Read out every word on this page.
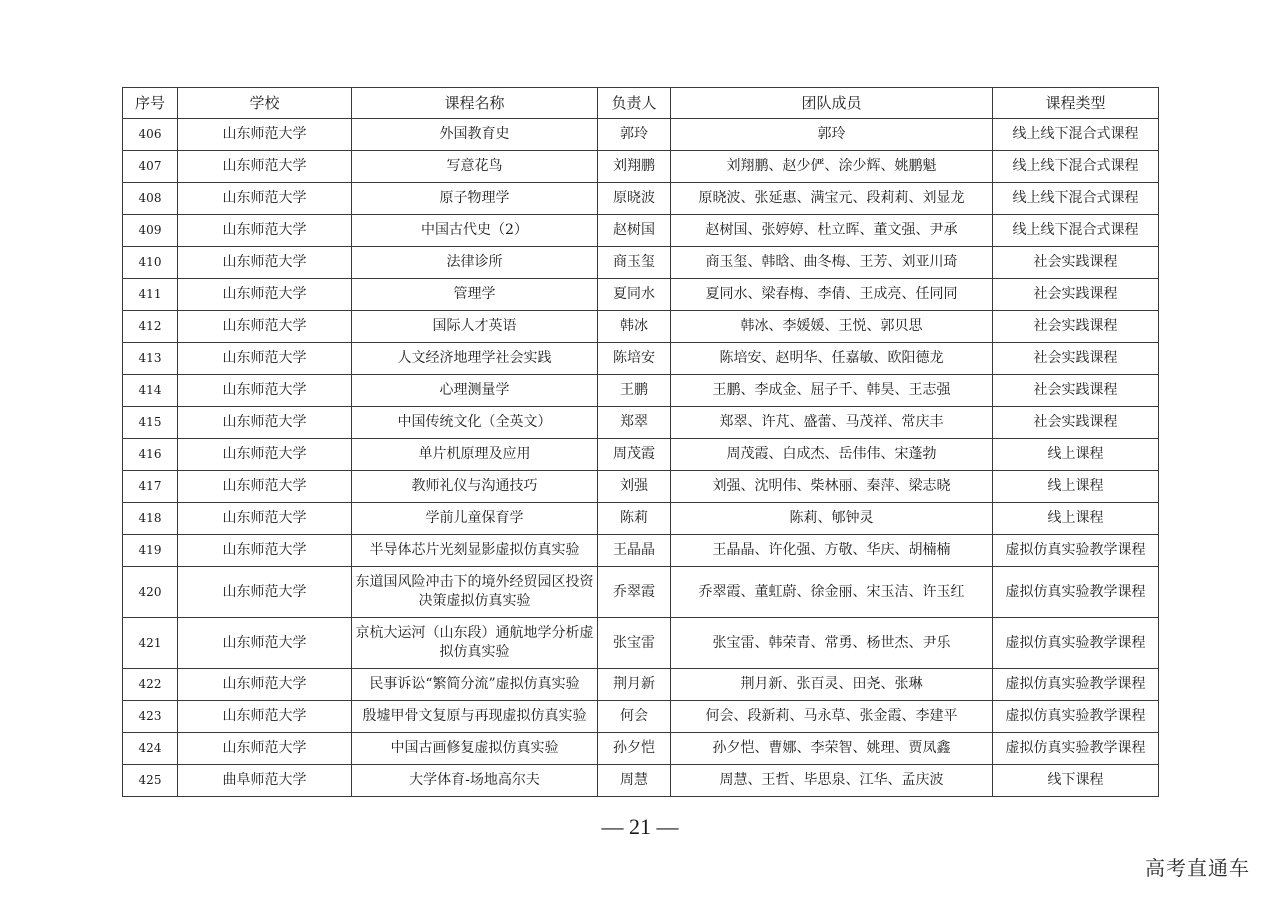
序号	学校	课程名称	负责人	团队成员	课程类型
406	山东师范大学	外国教育史	郭玲	郭玲	线上线下混合式课程
407	山东师范大学	写意花鸟	刘翔鹏	刘翔鹏、赵少俨、涂少辉、姚鹏魁	线上线下混合式课程
408	山东师范大学	原子物理学	原晓波	原晓波、张延惠、满宝元、段莉莉、刘显龙	线上线下混合式课程
409	山东师范大学	中国古代史（2）	赵树国	赵树国、张婷婷、杜立晖、董文强、尹承	线上线下混合式课程
410	山东师范大学	法律诊所	商玉玺	商玉玺、韩晗、曲冬梅、王芳、刘亚川琦	社会实践课程
411	山东师范大学	管理学	夏同水	夏同水、梁春梅、李倩、王成亮、任同同	社会实践课程
412	山东师范大学	国际人才英语	韩冰	韩冰、李媛媛、王悦、郭贝思	社会实践课程
413	山东师范大学	人文经济地理学社会实践	陈培安	陈培安、赵明华、任嘉敏、欧阳德龙	社会实践课程
414	山东师范大学	心理测量学	王鹏	王鹏、李成金、屈子千、韩昊、王志强	社会实践课程
415	山东师范大学	中国传统文化（全英文）	郑翠	郑翠、许芃、盛蕾、马茂祥、常庆丰	社会实践课程
416	山东师范大学	单片机原理及应用	周茂霞	周茂霞、白成杰、岳伟伟、宋蓬勃	线上课程
417	山东师范大学	教师礼仪与沟通技巧	刘强	刘强、沈明伟、柴林丽、秦萍、梁志晓	线上课程
418	山东师范大学	学前儿童保育学	陈莉	陈莉、郇钟灵	线上课程
419	山东师范大学	半导体芯片光刻显影虚拟仿真实验	王晶晶	王晶晶、许化强、方敬、华庆、胡楠楠	虚拟仿真实验教学课程
420	山东师范大学	东道国风险冲击下的境外经贸园区投资决策虚拟仿真实验	乔翠霞	乔翠霞、董虹蔚、徐金丽、宋玉洁、许玉红	虚拟仿真实验教学课程
421	山东师范大学	京杭大运河（山东段）通航地学分析虚拟仿真实验	张宝雷	张宝雷、韩荣青、常勇、杨世杰、尹乐	虚拟仿真实验教学课程
422	山东师范大学	民事诉讼“繁简分流”虚拟仿真实验	荆月新	荆月新、张百灵、田尧、张琳	虚拟仿真实验教学课程
423	山东师范大学	殷墟甲骨文复原与再现虚拟仿真实验	何会	何会、段新莉、马永草、张金霞、李建平	虚拟仿真实验教学课程
424	山东师范大学	中国古画修复虚拟仿真实验	孙夕恺	孙夕恺、曹娜、李荣智、姚理、贾凤鑫	虚拟仿真实验教学课程
425	曲阜师范大学	大学体育-场地高尔夫	周慧	周慧、王哲、毕思泉、江华、孟庆波	线下课程
— 21 —
高考直通车
